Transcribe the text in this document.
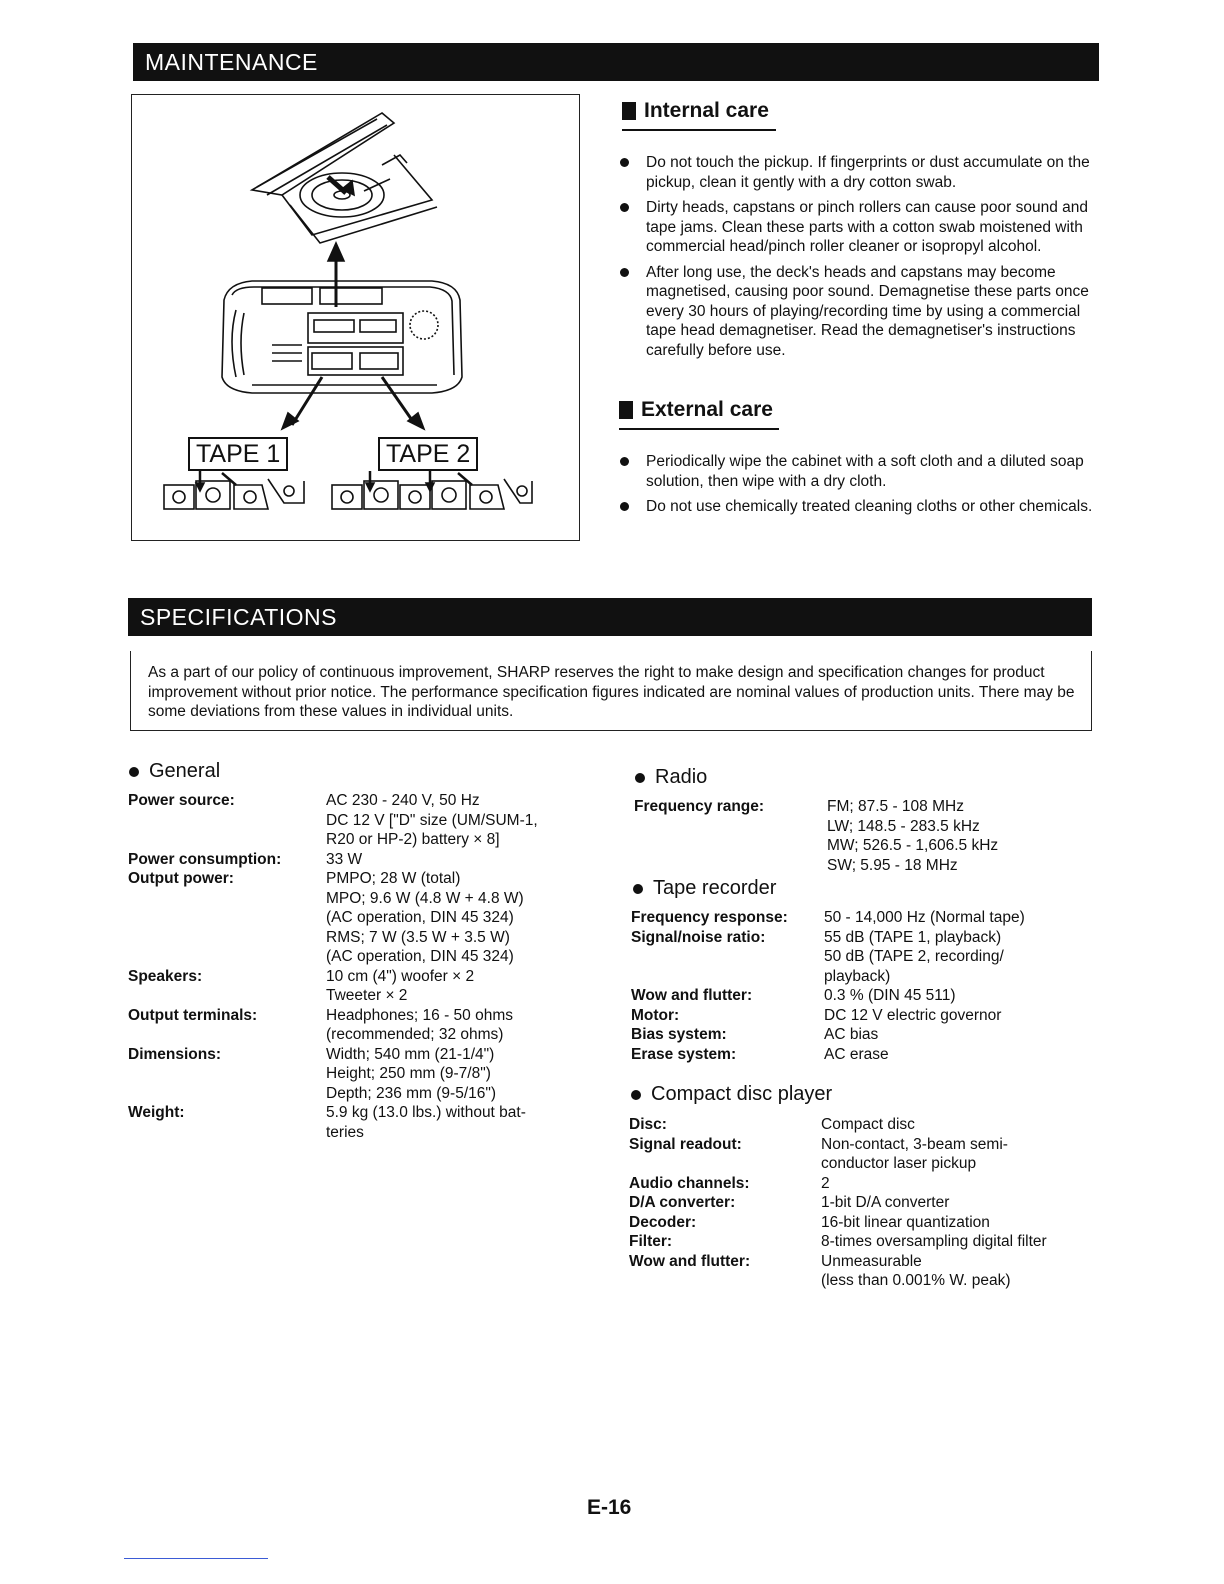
MAINTENANCE
TAPE 1	TAPE 2
Internal care
Do not touch the pickup. If fingerprints or dust accumulate on the pickup, clean it gently with a dry cotton swab.
Dirty heads, capstans or pinch rollers can cause poor sound and tape jams. Clean these parts with a cotton swab moistened with commercial head/pinch roller cleaner or isopropyl alcohol.
After long use, the deck's heads and capstans may become magnetised, causing poor sound. Demagnetise these parts once every 30 hours of playing/recording time by using a commercial tape head demagnetiser. Read the demagnetiser's instructions carefully before use.
External care
Periodically wipe the cabinet with a soft cloth and a diluted soap solution, then wipe with a dry cloth.
Do not use chemically treated cleaning cloths or other chemicals.
SPECIFICATIONS
As a part of our policy of continuous improvement, SHARP reserves the right to make design and specification changes for product improvement without prior notice. The performance specification figures indicated are nominal values of production units. There may be some deviations from these values in individual units.
General
Power source:	AC 230 - 240 V, 50 Hz
DC 12 V ["D" size (UM/SUM-1,
R20 or HP-2) battery × 8]

Power consumption:	33 W

Output power:	PMPO; 28 W (total)
MPO; 9.6 W (4.8 W + 4.8 W)
(AC operation, DIN 45 324)
RMS; 7 W (3.5 W + 3.5 W)
(AC operation, DIN 45 324)

Speakers:	10 cm (4") woofer × 2
Tweeter × 2

Output terminals:	Headphones; 16 - 50 ohms
(recommended; 32 ohms)

Dimensions:	Width; 540 mm (21-1/4")
Height; 250 mm (9-7/8")
Depth; 236 mm (9-5/16")

Weight:	5.9 kg (13.0 lbs.) without bat-
teries
Radio
Frequency range:	FM; 87.5 - 108 MHz
LW; 148.5 - 283.5 kHz
MW; 526.5 - 1,606.5 kHz
SW; 5.95 - 18 MHz
Tape recorder
Frequency response:	50 - 14,000 Hz (Normal tape)

Signal/noise ratio:	55 dB (TAPE 1, playback)
50 dB (TAPE 2, recording/
playback)

Wow and flutter:	0.3 % (DIN 45 511)

Motor:	DC 12 V electric governor

Bias system:	AC bias

Erase system:	AC erase
Compact disc player
Disc:	Compact disc

Signal readout:	Non-contact, 3-beam semi-
conductor laser pickup

Audio channels:	2

D/A converter:	1-bit D/A converter

Decoder:	16-bit linear quantization

Filter:	8-times oversampling digital filter

Wow and flutter:	Unmeasurable
(less than 0.001% W. peak)
E-16
